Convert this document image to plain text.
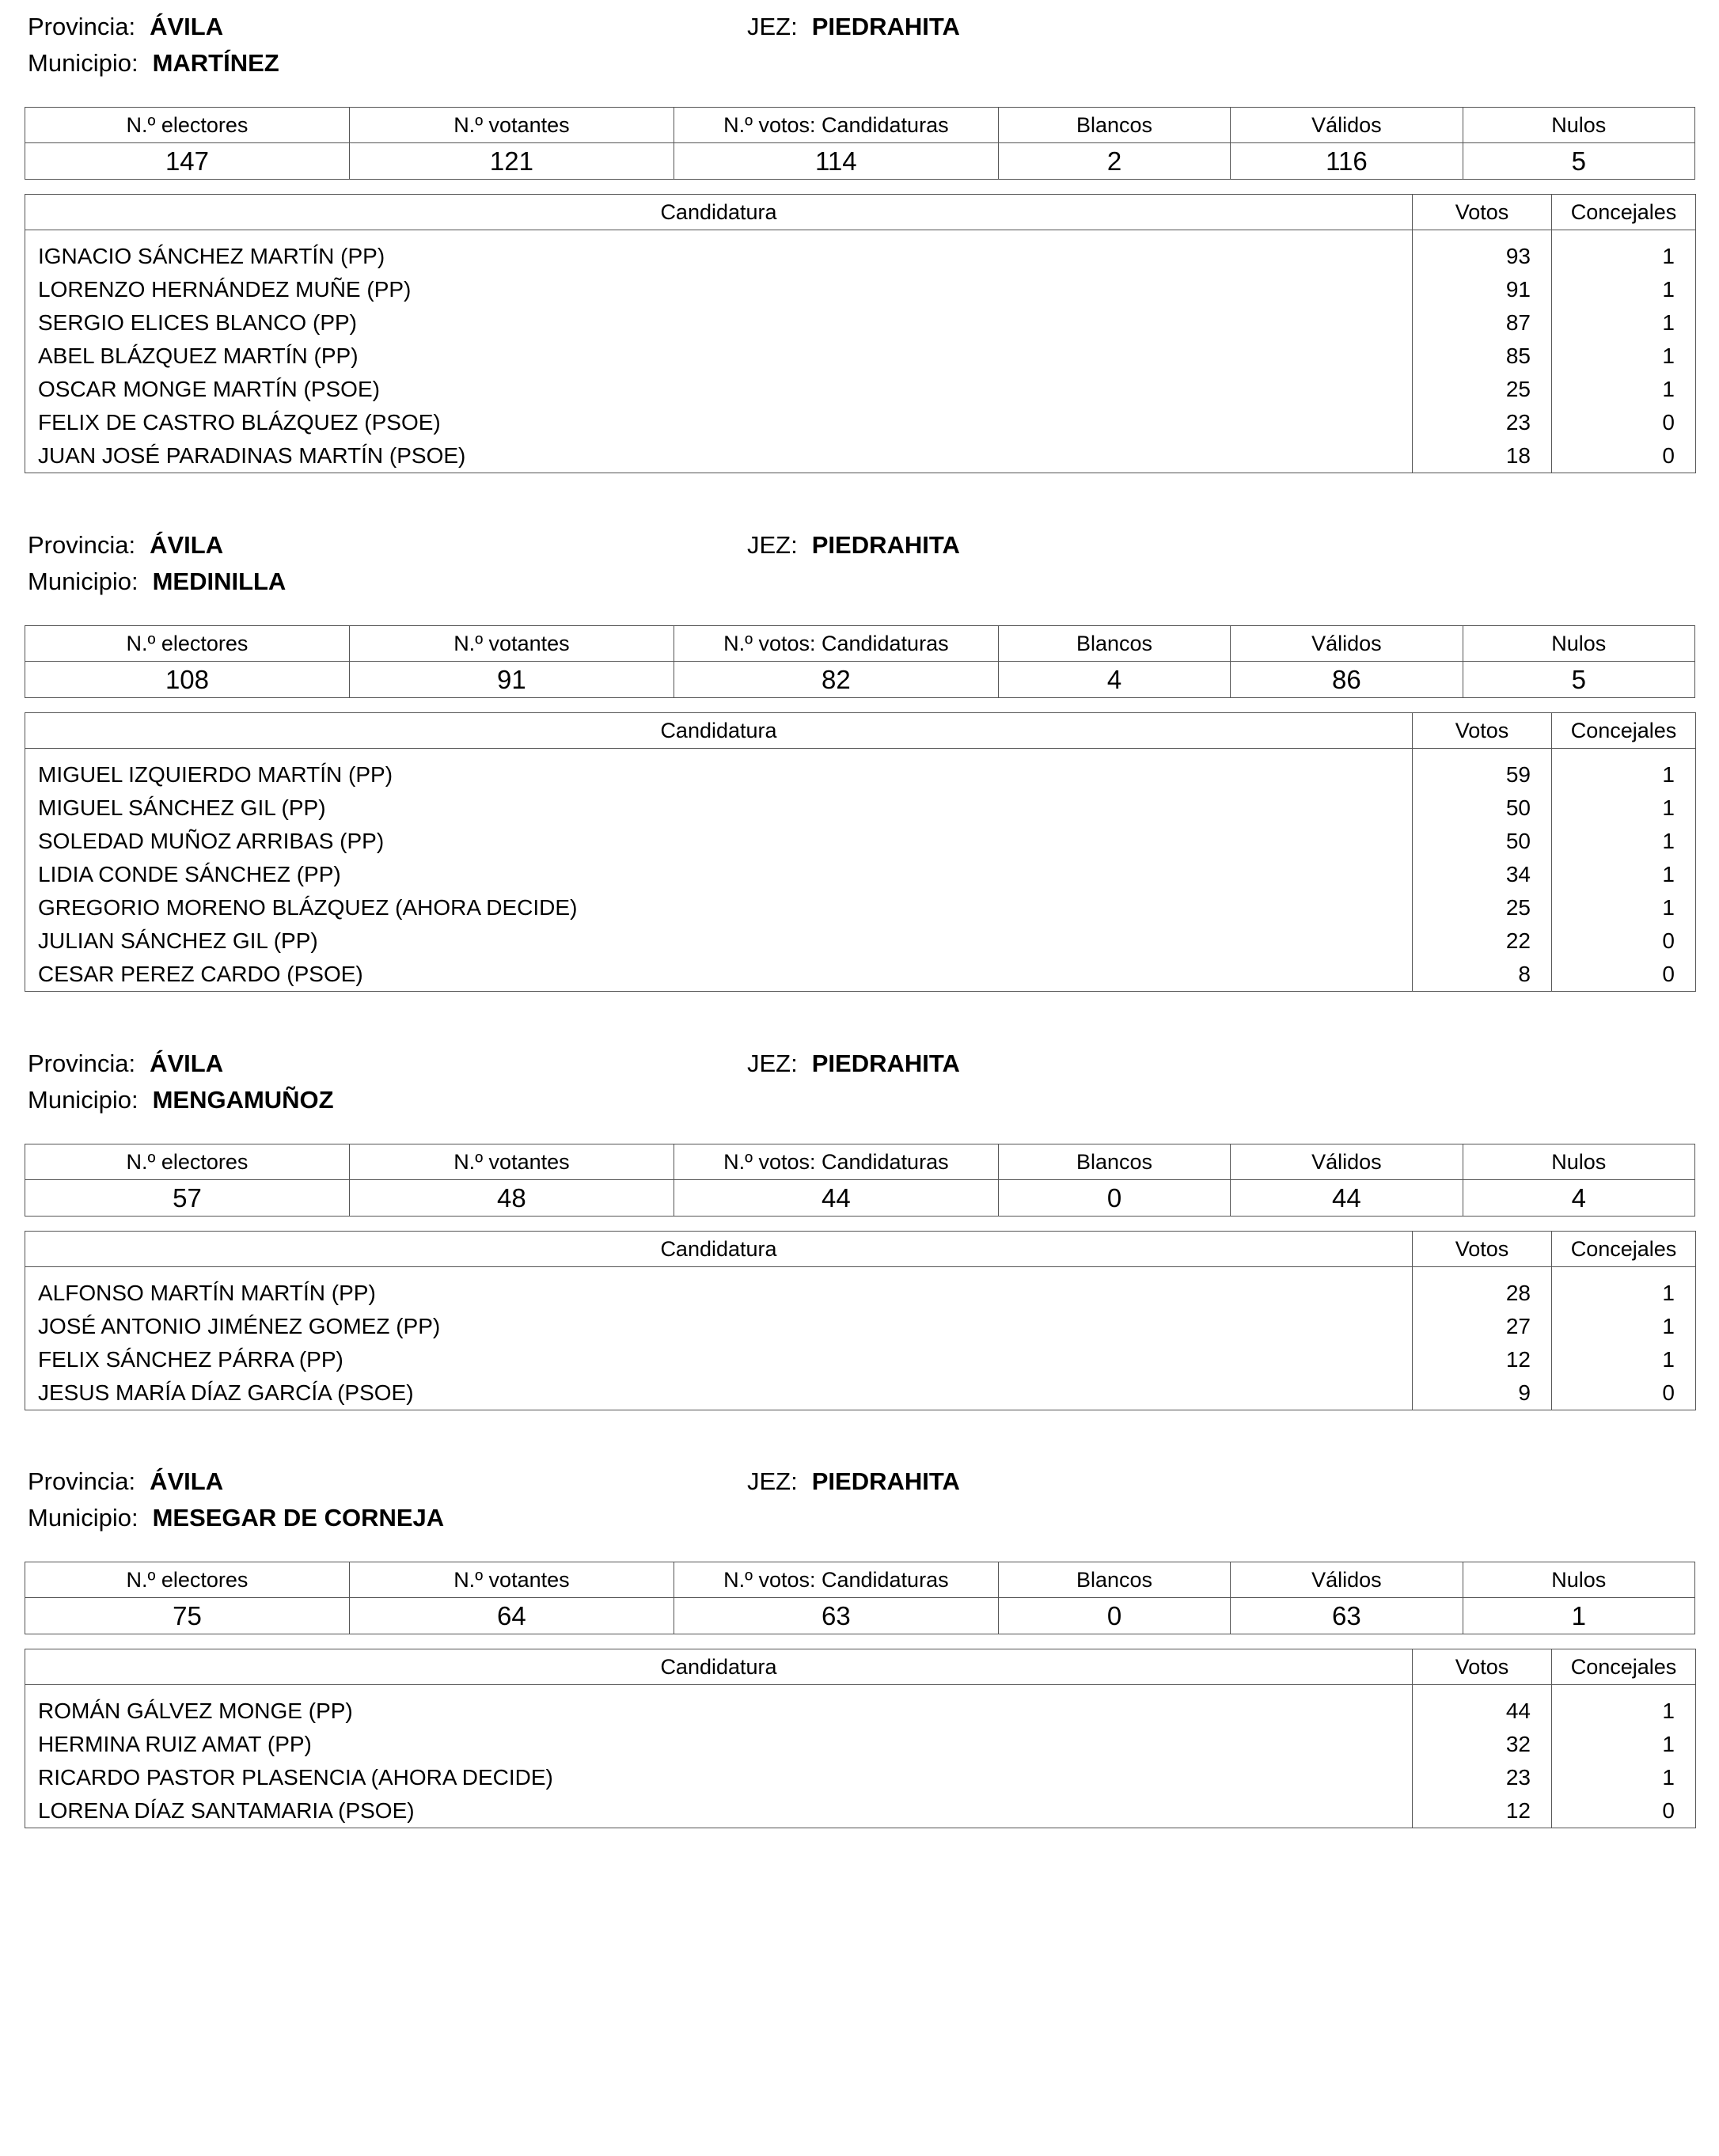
Provincia: ÁVILA
Municipio: MARTÍNEZ
JEZ: PIEDRAHITA
N.º electores	N.º votantes	N.º votos: Candidaturas	Blancos	Válidos	Nulos
147	121	114	2	116	5
Candidatura	Votos	Concejales

IGNACIO SÁNCHEZ MARTÍN (PP)	93	1
LORENZO HERNÁNDEZ MUÑE (PP)	91	1
SERGIO ELICES BLANCO (PP)	87	1
ABEL BLÁZQUEZ MARTÍN (PP)	85	1
OSCAR MONGE MARTÍN (PSOE)	25	1
FELIX DE CASTRO BLÁZQUEZ (PSOE)	23	0
JUAN JOSÉ PARADINAS MARTÍN (PSOE)	18	0
Provincia: ÁVILA
Municipio: MEDINILLA
JEZ: PIEDRAHITA
N.º electores	N.º votantes	N.º votos: Candidaturas	Blancos	Válidos	Nulos
108	91	82	4	86	5
Candidatura	Votos	Concejales

MIGUEL IZQUIERDO MARTÍN (PP)	59	1
MIGUEL SÁNCHEZ GIL (PP)	50	1
SOLEDAD MUÑOZ ARRIBAS (PP)	50	1
LIDIA CONDE SÁNCHEZ (PP)	34	1
GREGORIO MORENO BLÁZQUEZ (AHORA DECIDE)	25	1
JULIAN SÁNCHEZ GIL (PP)	22	0
CESAR PEREZ CARDO (PSOE)	8	0
Provincia: ÁVILA
Municipio: MENGAMUÑOZ
JEZ: PIEDRAHITA
N.º electores	N.º votantes	N.º votos: Candidaturas	Blancos	Válidos	Nulos
57	48	44	0	44	4
Candidatura	Votos	Concejales

ALFONSO MARTÍN MARTÍN (PP)	28	1
JOSÉ ANTONIO JIMÉNEZ GOMEZ (PP)	27	1
FELIX SÁNCHEZ PÁRRA (PP)	12	1
JESUS MARÍA DÍAZ GARCÍA (PSOE)	9	0
Provincia: ÁVILA
Municipio: MESEGAR DE CORNEJA
JEZ: PIEDRAHITA
N.º electores	N.º votantes	N.º votos: Candidaturas	Blancos	Válidos	Nulos
75	64	63	0	63	1
Candidatura	Votos	Concejales

ROMÁN GÁLVEZ MONGE (PP)	44	1
HERMINA RUIZ AMAT (PP)	32	1
RICARDO PASTOR PLASENCIA (AHORA DECIDE)	23	1
LORENA DÍAZ SANTAMARIA (PSOE)	12	0
